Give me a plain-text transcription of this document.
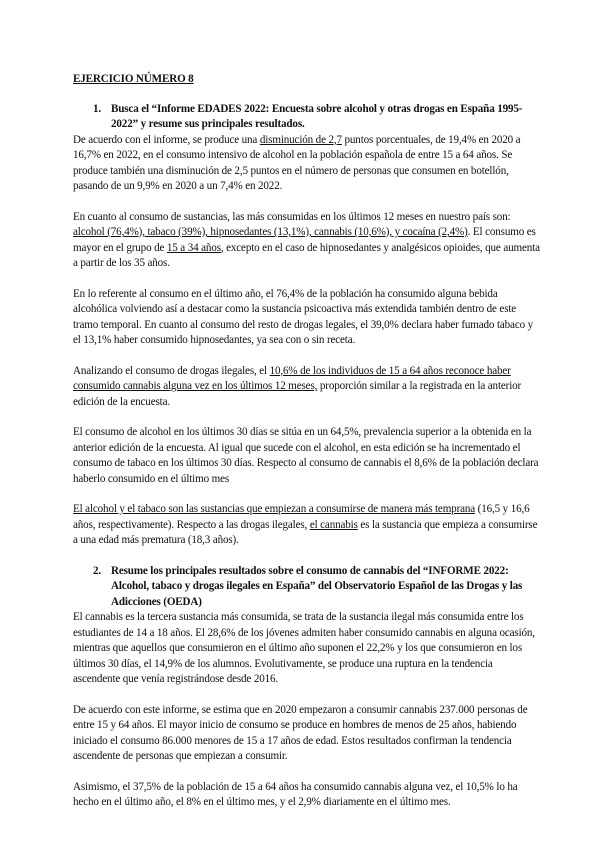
EJERCICIO NÚMERO 8
1. Busca el “Informe EDADES 2022: Encuesta sobre alcohol y otras drogas en España 1995-2022” y resume sus principales resultados.

De acuerdo con el informe, se produce una disminución de 2,7 puntos porcentuales, de 19,4% en 2020 a 16,7% en 2022, en el consumo intensivo de alcohol en la población española de entre 15 a 64 años. Se produce también una disminución de 2,5 puntos en el número de personas que consumen en botellón, pasando de un 9,9% en 2020 a un 7,4% en 2022.

En cuanto al consumo de sustancias, las más consumidas en los últimos 12 meses en nuestro país son: alcohol (76,4%), tabaco (39%), hipnosedantes (13,1%), cannabis (10,6%), y cocaína (2,4%). El consumo es mayor en el grupo de 15 a 34 años, excepto en el caso de hipnosedantes y analgésicos opioides, que aumenta a partir de los 35 años.

En lo referente al consumo en el último año, el 76,4% de la población ha consumido alguna bebida alcohólica volviendo así a destacar como la sustancia psicoactiva más extendida también dentro de este tramo temporal. En cuanto al consumo del resto de drogas legales, el 39,0% declara haber fumado tabaco y el 13,1% haber consumido hipnosedantes, ya sea con o sin receta.

Analizando el consumo de drogas ilegales, el 10,6% de los individuos de 15 a 64 años reconoce haber consumido cannabis alguna vez en los últimos 12 meses, proporción similar a la registrada en la anterior edición de la encuesta.

El consumo de alcohol en los últimos 30 días se sitúa en un 64,5%, prevalencia superior a la obtenida en la anterior edición de la encuesta. Al igual que sucede con el alcohol, en esta edición se ha incrementado el consumo de tabaco en los últimos 30 días. Respecto al consumo de cannabis el 8,6% de la población declara haberlo consumido en el último mes

El alcohol y el tabaco son las sustancias que empiezan a consumirse de manera más temprana (16,5 y 16,6 años, respectivamente). Respecto a las drogas ilegales, el cannabis es la sustancia que empieza a consumirse a una edad más prematura (18,3 años).

2. Resume los principales resultados sobre el consumo de cannabis del “INFORME 2022: Alcohol, tabaco y drogas ilegales en España” del Observatorio Español de las Drogas y las Adicciones (OEDA)

El cannabis es la tercera sustancia más consumida, se trata de la sustancia ilegal más consumida entre los estudiantes de 14 a 18 años. El 28,6% de los jóvenes admiten haber consumido cannabis en alguna ocasión, mientras que aquellos que consumieron en el último año suponen el 22,2% y los que consumieron en los últimos 30 días, el 14,9% de los alumnos. Evolutivamente, se produce una ruptura en la tendencia ascendente que venía registrándose desde 2016.

De acuerdo con este informe, se estima que en 2020 empezaron a consumir cannabis 237.000 personas de entre 15 y 64 años. El mayor inicio de consumo se produce en hombres de menos de 25 años, habiendo iniciado el consumo 86.000 menores de 15 a 17 años de edad. Estos resultados confirman la tendencia ascendente de personas que empiezan a consumir.

Asimismo, el 37,5% de la población de 15 a 64 años ha consumido cannabis alguna vez, el 10,5% lo ha hecho en el último año, el 8% en el último mes, y el 2,9% diariamente en el último mes.
